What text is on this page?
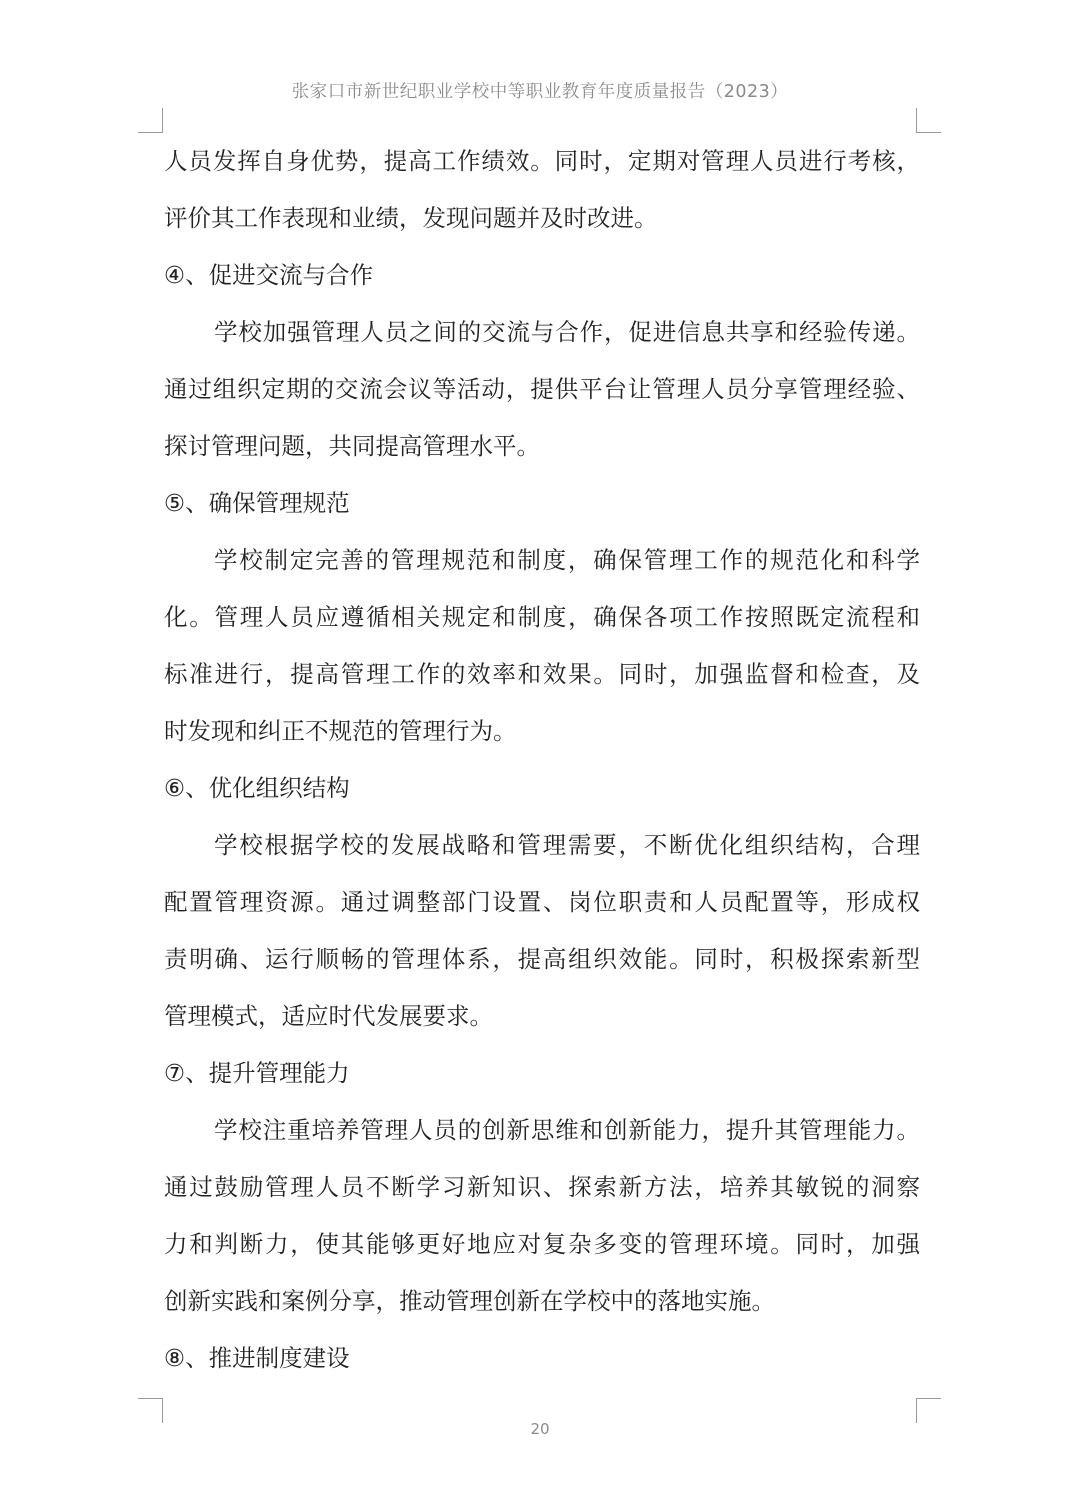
张家口市新世纪职业学校中等职业教育年度质量报告（2023）
人员发挥自身优势，提高工作绩效。同时，定期对管理人员进行考核，
评价其工作表现和业绩，发现问题并及时改进。
④、促进交流与合作
学校加强管理人员之间的交流与合作，促进信息共享和经验传递。
通过组织定期的交流会议等活动，提供平台让管理人员分享管理经验、
探讨管理问题，共同提高管理水平。
⑤、确保管理规范
学校制定完善的管理规范和制度，确保管理工作的规范化和科学
化。管理人员应遵循相关规定和制度，确保各项工作按照既定流程和
标准进行，提高管理工作的效率和效果。同时，加强监督和检查，及
时发现和纠正不规范的管理行为。
⑥、优化组织结构
学校根据学校的发展战略和管理需要，不断优化组织结构，合理
配置管理资源。通过调整部门设置、岗位职责和人员配置等，形成权
责明确、运行顺畅的管理体系，提高组织效能。同时，积极探索新型
管理模式，适应时代发展要求。
⑦、提升管理能力
学校注重培养管理人员的创新思维和创新能力，提升其管理能力。
通过鼓励管理人员不断学习新知识、探索新方法，培养其敏锐的洞察
力和判断力，使其能够更好地应对复杂多变的管理环境。同时，加强
创新实践和案例分享，推动管理创新在学校中的落地实施。
⑧、推进制度建设
20
